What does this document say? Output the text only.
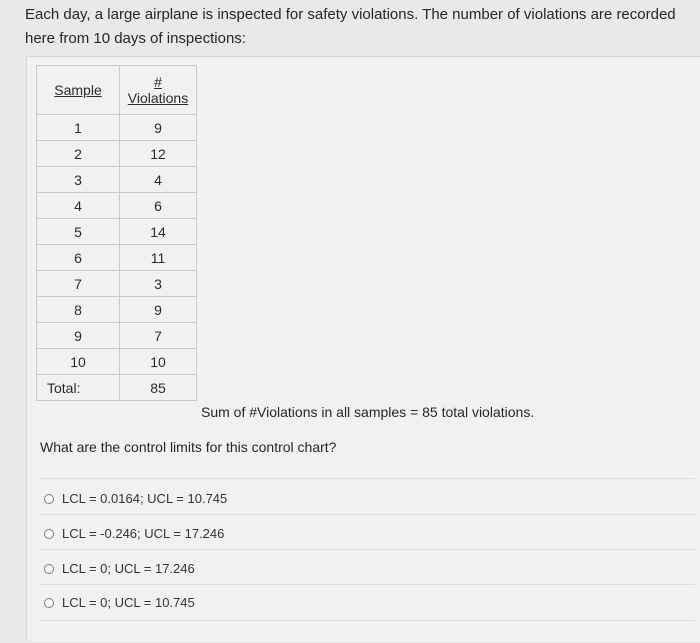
Each day, a large airplane is inspected for safety violations. The number of violations are recorded here from 10 days of inspections:
Sample	#
Violations

1	9
2	12
3	4
4	6
5	14
6	11
7	3
8	9
9	7
10	10
Total:	85
Sum of #Violations in all samples = 85 total violations.
What are the control limits for this control chart?
LCL = 0.0164; UCL = 10.745
LCL = -0.246; UCL = 17.246
LCL = 0; UCL = 17.246
LCL = 0; UCL = 10.745
